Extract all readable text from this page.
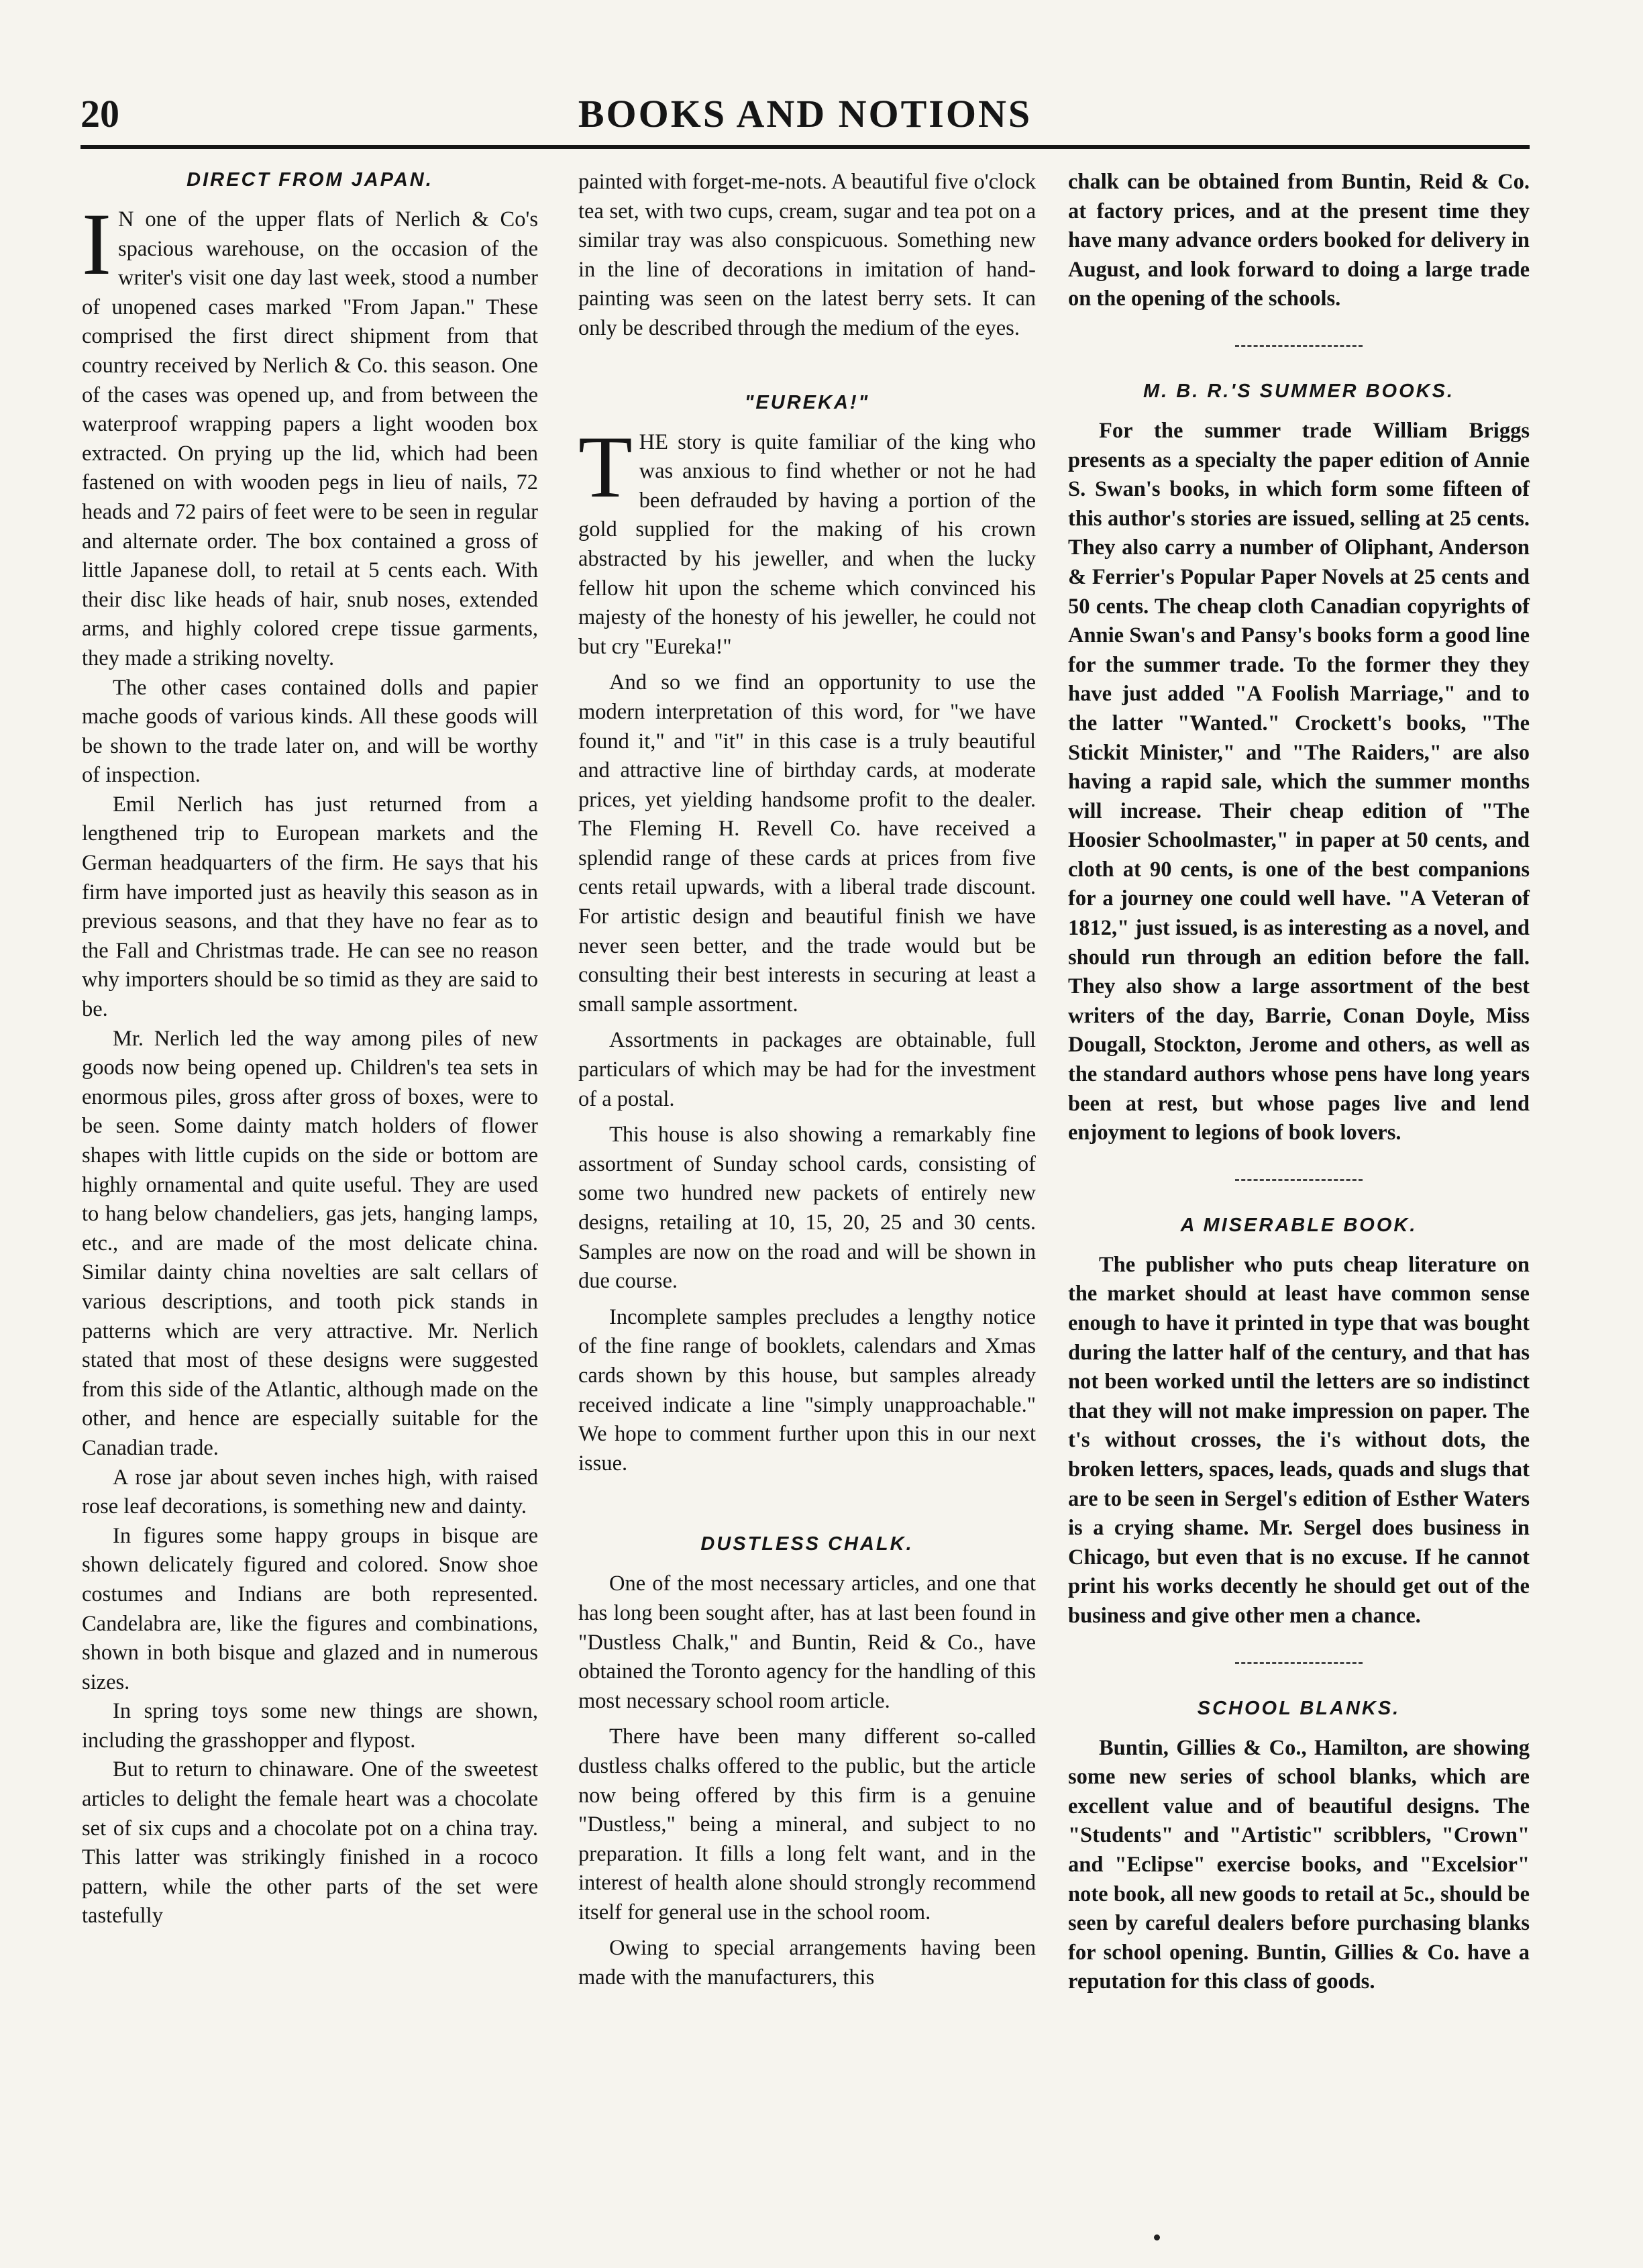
20	BOOKS AND NOTIONS
DIRECT FROM JAPAN.

IN one of the upper flats of Nerlich & Co's spacious warehouse, on the occasion of the writer's visit one day last week, stood a number of unopened cases marked "From Japan." These comprised the first direct shipment from that country received by Nerlich & Co. this season. One of the cases was opened up, and from between the waterproof wrapping papers a light wooden box extracted. On prying up the lid, which had been fastened on with wooden pegs in lieu of nails, 72 heads and 72 pairs of feet were to be seen in regular and alternate order. The box contained a gross of little Japanese doll, to retail at 5 cents each. With their disc like heads of hair, snub noses, extended arms, and highly colored crepe tissue garments, they made a striking novelty.

The other cases contained dolls and papier mache goods of various kinds. All these goods will be shown to the trade later on, and will be worthy of inspection.

Emil Nerlich has just returned from a lengthened trip to European markets and the German headquarters of the firm. He says that his firm have imported just as heavily this season as in previous seasons, and that they have no fear as to the Fall and Christmas trade. He can see no reason why importers should be so timid as they are said to be.

Mr. Nerlich led the way among piles of new goods now being opened up. Children's tea sets in enormous piles, gross after gross of boxes, were to be seen. Some dainty match holders of flower shapes with little cupids on the side or bottom are highly ornamental and quite useful. They are used to hang below chandeliers, gas jets, hanging lamps, etc., and are made of the most delicate china. Similar dainty china novelties are salt cellars of various descriptions, and tooth pick stands in patterns which are very attractive. Mr. Nerlich stated that most of these designs were suggested from this side of the Atlantic, although made on the other, and hence are especially suitable for the Canadian trade.

A rose jar about seven inches high, with raised rose leaf decorations, is something new and dainty.

In figures some happy groups in bisque are shown delicately figured and colored. Snow shoe costumes and Indians are both represented. Candelabra are, like the figures and combinations, shown in both bisque and glazed and in numerous sizes.

In spring toys some new things are shown, including the grasshopper and flypost.

But to return to chinaware. One of the sweetest articles to delight the female heart was a chocolate set of six cups and a chocolate pot on a china tray. This latter was strikingly finished in a rococo pattern, while the other parts of the set were tastefully

painted with forget-me-nots. A beautiful five o'clock tea set, with two cups, cream, sugar and tea pot on a similar tray was also conspicuous. Something new in the line of decorations in imitation of hand-painting was seen on the latest berry sets. It can only be described through the medium of the eyes.

"EUREKA!"

THE story is quite familiar of the king who was anxious to find whether or not he had been defrauded by having a portion of the gold supplied for the making of his crown abstracted by his jeweller, and when the lucky fellow hit upon the scheme which convinced his majesty of the honesty of his jeweller, he could not but cry "Eureka!"

And so we find an opportunity to use the modern interpretation of this word, for "we have found it," and "it" in this case is a truly beautiful and attractive line of birthday cards, at moderate prices, yet yielding handsome profit to the dealer. The Fleming H. Revell Co. have received a splendid range of these cards at prices from five cents retail upwards, with a liberal trade discount. For artistic design and beautiful finish we have never seen better, and the trade would but be consulting their best interests in securing at least a small sample assortment.

Assortments in packages are obtainable, full particulars of which may be had for the investment of a postal.

This house is also showing a remarkably fine assortment of Sunday school cards, consisting of some two hundred new packets of entirely new designs, retailing at 10, 15, 20, 25 and 30 cents. Samples are now on the road and will be shown in due course.

Incomplete samples precludes a lengthy notice of the fine range of booklets, calendars and Xmas cards shown by this house, but samples already received indicate a line "simply unapproachable." We hope to comment further upon this in our next issue.

DUSTLESS CHALK.

One of the most necessary articles, and one that has long been sought after, has at last been found in "Dustless Chalk," and Buntin, Reid & Co., have obtained the Toronto agency for the handling of this most necessary school room article.

There have been many different so-called dustless chalks offered to the public, but the article now being offered by this firm is a genuine "Dustless," being a mineral, and subject to no preparation. It fills a long felt want, and in the interest of health alone should strongly recommend itself for general use in the school room.

Owing to special arrangements having been made with the manufacturers, this

chalk can be obtained from Buntin, Reid & Co. at factory prices, and at the present time they have many advance orders booked for delivery in August, and look forward to doing a large trade on the opening of the schools.

M. B. R.'S SUMMER BOOKS.

For the summer trade William Briggs presents as a specialty the paper edition of Annie S. Swan's books, in which form some fifteen of this author's stories are issued, selling at 25 cents. They also carry a number of Oliphant, Anderson & Ferrier's Popular Paper Novels at 25 cents and 50 cents. The cheap cloth Canadian copyrights of Annie Swan's and Pansy's books form a good line for the summer trade. To the former they they have just added "A Foolish Marriage," and to the latter "Wanted." Crockett's books, "The Stickit Minister," and "The Raiders," are also having a rapid sale, which the summer months will increase. Their cheap edition of "The Hoosier Schoolmaster," in paper at 50 cents, and cloth at 90 cents, is one of the best companions for a journey one could well have. "A Veteran of 1812," just issued, is as interesting as a novel, and should run through an edition before the fall. They also show a large assortment of the best writers of the day, Barrie, Conan Doyle, Miss Dougall, Stockton, Jerome and others, as well as the standard authors whose pens have long years been at rest, but whose pages live and lend enjoyment to legions of book lovers.

A MISERABLE BOOK.

The publisher who puts cheap literature on the market should at least have common sense enough to have it printed in type that was bought during the latter half of the century, and that has not been worked until the letters are so indistinct that they will not make impression on paper. The t's without crosses, the i's without dots, the broken letters, spaces, leads, quads and slugs that are to be seen in Sergel's edition of Esther Waters is a crying shame. Mr. Sergel does business in Chicago, but even that is no excuse. If he cannot print his works decently he should get out of the business and give other men a chance.

SCHOOL BLANKS.

Buntin, Gillies & Co., Hamilton, are showing some new series of school blanks, which are excellent value and of beautiful designs. The "Students" and "Artistic" scribblers, "Crown" and "Eclipse" exercise books, and "Excelsior" note book, all new goods to retail at 5c., should be seen by careful dealers before purchasing blanks for school opening. Buntin, Gillies & Co. have a reputation for this class of goods.
